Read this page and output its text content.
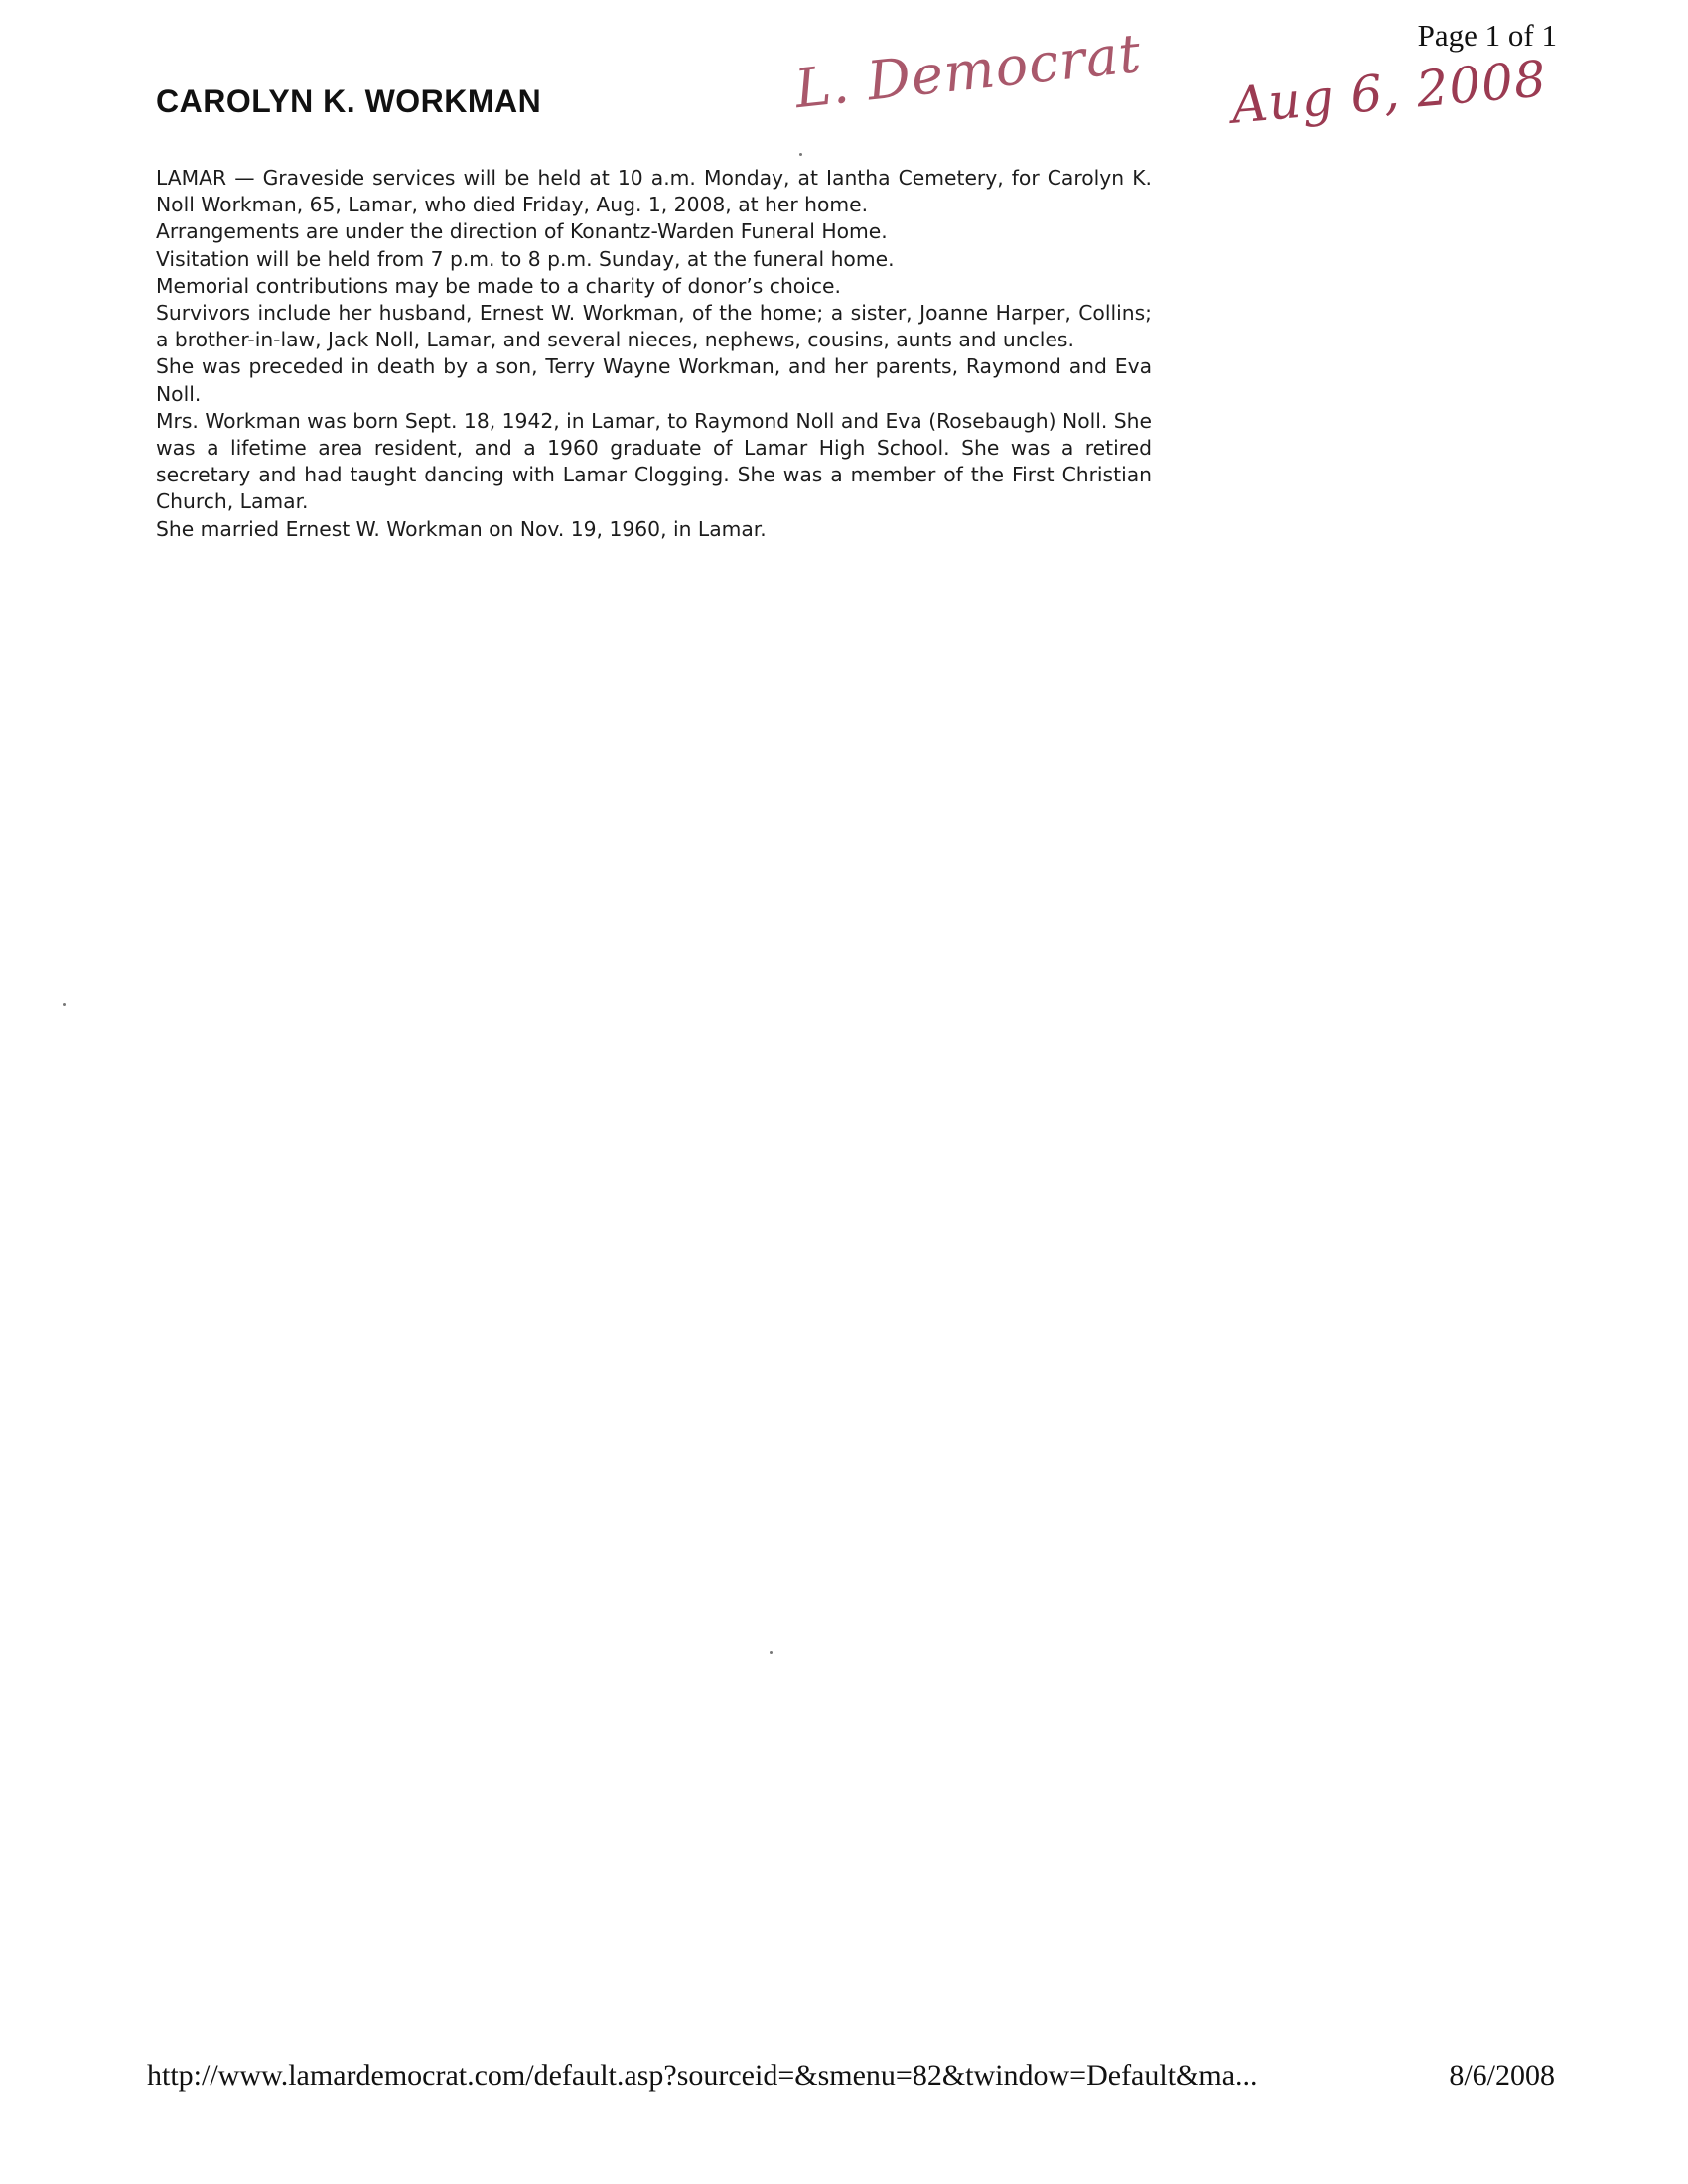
Page 1 of 1
L. Democrat Aug 6, 2008
CAROLYN K. WORKMAN

LAMAR — Graveside services will be held at 10 a.m. Monday, at Iantha Cemetery, for Carolyn K. Noll Workman, 65, Lamar, who died Friday, Aug. 1, 2008, at her home.

Arrangements are under the direction of Konantz-Warden Funeral Home.

Visitation will be held from 7 p.m. to 8 p.m. Sunday, at the funeral home.

Memorial contributions may be made to a charity of donor’s choice.

Survivors include her husband, Ernest W. Workman, of the home; a sister, Joanne Harper, Collins; a brother-in-law, Jack Noll, Lamar, and several nieces, nephews, cousins, aunts and uncles.

She was preceded in death by a son, Terry Wayne Workman, and her parents, Raymond and Eva Noll.

Mrs. Workman was born Sept. 18, 1942, in Lamar, to Raymond Noll and Eva (Rosebaugh) Noll. She was a lifetime area resident, and a 1960 graduate of Lamar High School. She was a retired secretary and had taught dancing with Lamar Clogging. She was a member of the First Christian Church, Lamar.

She married Ernest W. Workman on Nov. 19, 1960, in Lamar.

http://www.lamardemocrat.com/default.asp?sourceid=&smenu=82&twindow=Default&ma...	8/6/2008
